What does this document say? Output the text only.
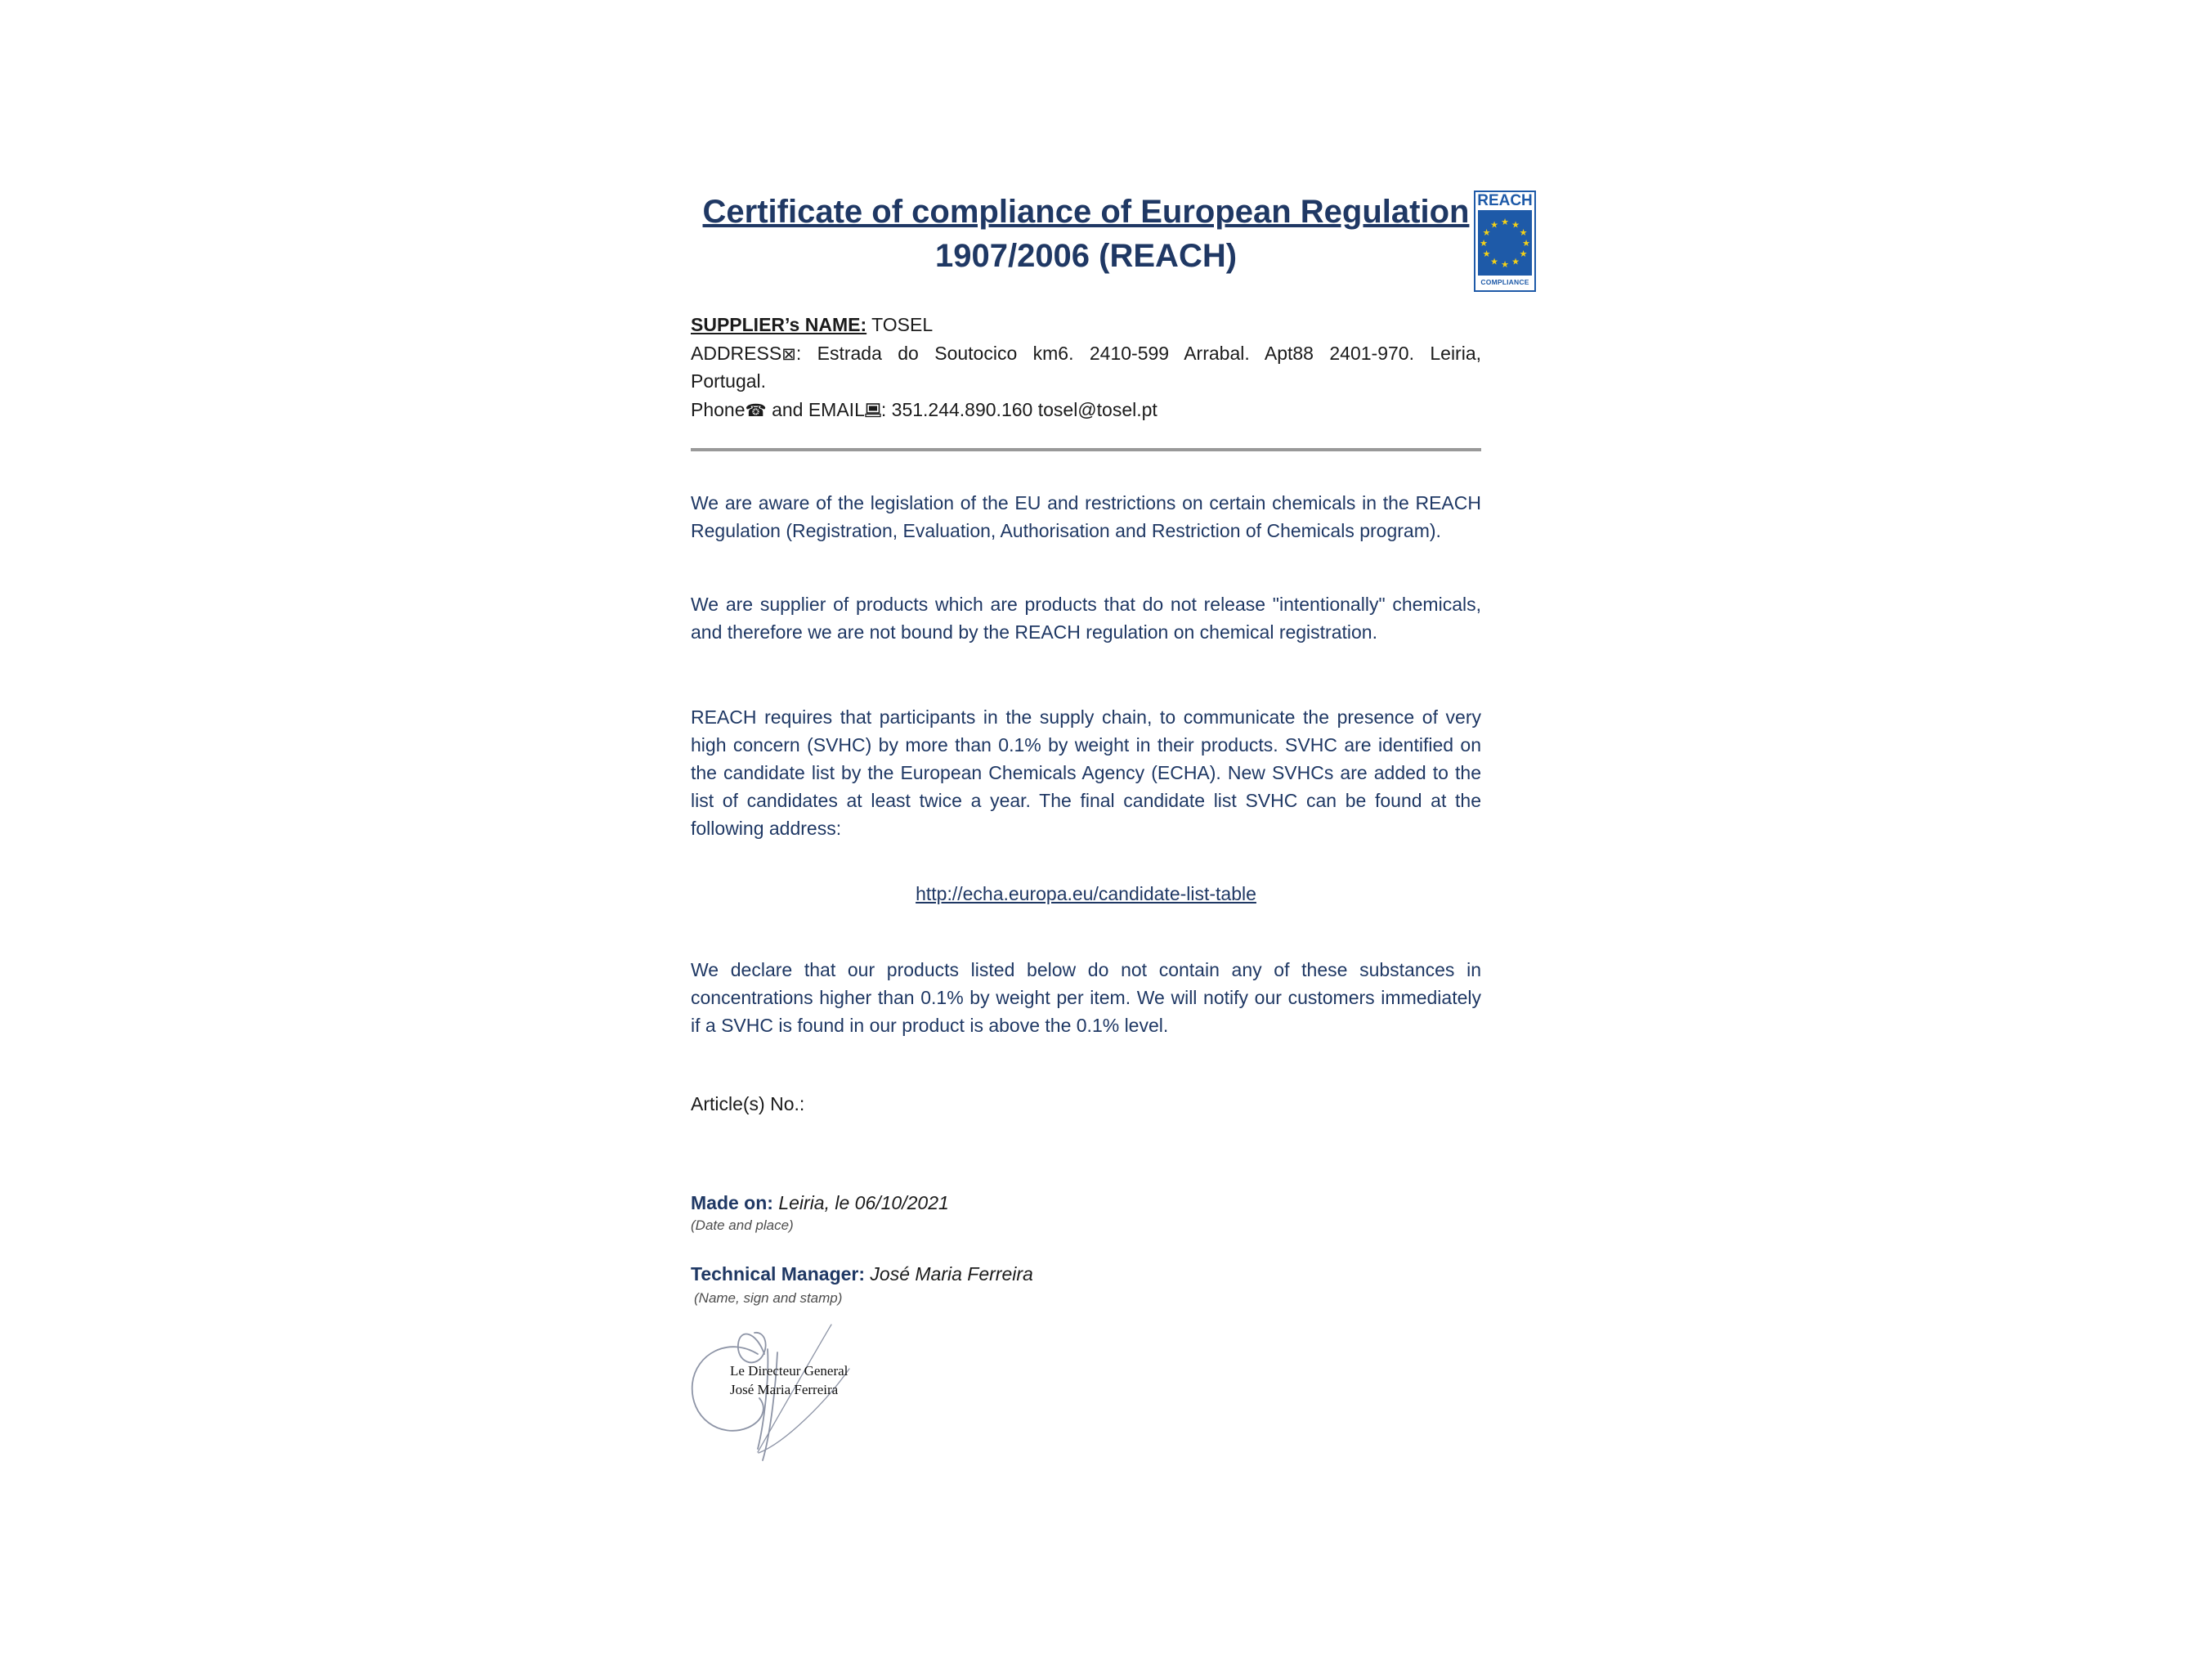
REACH
★ ★
★
★
★
★
★
★
★
★
★
★
COMPLIANCE
Certificate of compliance of European Regulation
1907/2006 (REACH)
SUPPLIER’s NAME: TOSEL
ADDRESS⊠: Estrada do Soutocico km6. 2410-599 Arrabal. Apt88 2401-970. Leiria,
Portugal.
Phone☎ and EMAIL : 351.244.890.160 tosel@tosel.pt
We are aware of the legislation of the EU and restrictions on certain chemicals in the REACH Regulation (Registration, Evaluation, Authorisation and Restriction of Chemicals program).
We are supplier of products which are products that do not release "intentionally" chemicals, and therefore we are not bound by the REACH regulation on chemical registration.
REACH requires that participants in the supply chain, to communicate the presence of very high concern (SVHC) by more than 0.1% by weight in their products. SVHC are identified on the candidate list by the European Chemicals Agency (ECHA). New SVHCs are added to the list of candidates at least twice a year. The final candidate list SVHC can be found at the following address:
http://echa.europa.eu/candidate-list-table
We declare that our products listed below do not contain any of these substances in concentrations higher than 0.1% by weight per item. We will notify our customers immediately if a SVHC is found in our product is above the 0.1% level.
Article(s) No.:
Made on: Leiria, le 06/10/2021
(Date and place)
Technical Manager: José Maria Ferreira
(Name, sign and stamp)
Le Directeur General
José Maria Ferreira
